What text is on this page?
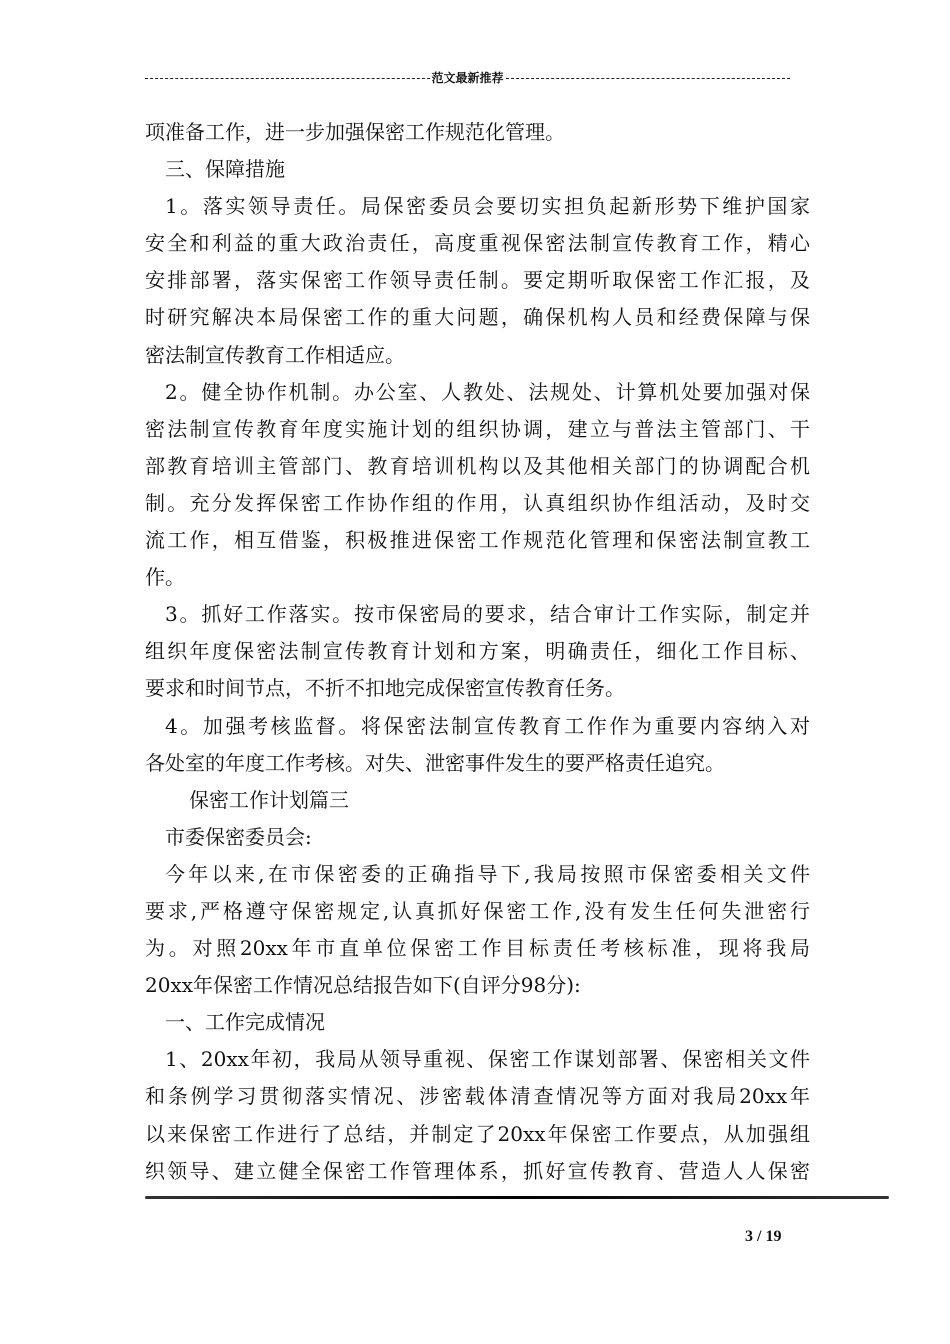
范文最新推荐
项准备工作，进一步加强保密工作规范化管理。
三、保障措施
1。落实领导责任。局保密委员会要切实担负起新形势下维护国家
安全和利益的重大政治责任，高度重视保密法制宣传教育工作，精心
安排部署，落实保密工作领导责任制。要定期听取保密工作汇报，及
时研究解决本局保密工作的重大问题，确保机构人员和经费保障与保
密法制宣传教育工作相适应。
2。健全协作机制。办公室、人教处、法规处、计算机处要加强对保
密法制宣传教育年度实施计划的组织协调，建立与普法主管部门、干
部教育培训主管部门、教育培训机构以及其他相关部门的协调配合机
制。充分发挥保密工作协作组的作用，认真组织协作组活动，及时交
流工作，相互借鉴，积极推进保密工作规范化管理和保密法制宣教工
作。
3。抓好工作落实。按市保密局的要求，结合审计工作实际，制定并
组织年度保密法制宣传教育计划和方案，明确责任，细化工作目标、
要求和时间节点，不折不扣地完成保密宣传教育任务。
4。加强考核监督。将保密法制宣传教育工作作为重要内容纳入对
各处室的年度工作考核。对失、泄密事件发生的要严格责任追究。
保密工作计划篇三
市委保密委员会:
今年以来,在市保密委的正确指导下,我局按照市保密委相关文件
要求,严格遵守保密规定,认真抓好保密工作,没有发生任何失泄密行
为。对照20xx年市直单位保密工作目标责任考核标准，现将我局
20xx年保密工作情况总结报告如下(自评分98分):
一、工作完成情况
1、20xx年初，我局从领导重视、保密工作谋划部署、保密相关文件
和条例学习贯彻落实情况、涉密载体清查情况等方面对我局20xx年
以来保密工作进行了总结，并制定了20xx年保密工作要点，从加强组
织领导、建立健全保密工作管理体系，抓好宣传教育、营造人人保密
3 / 19
